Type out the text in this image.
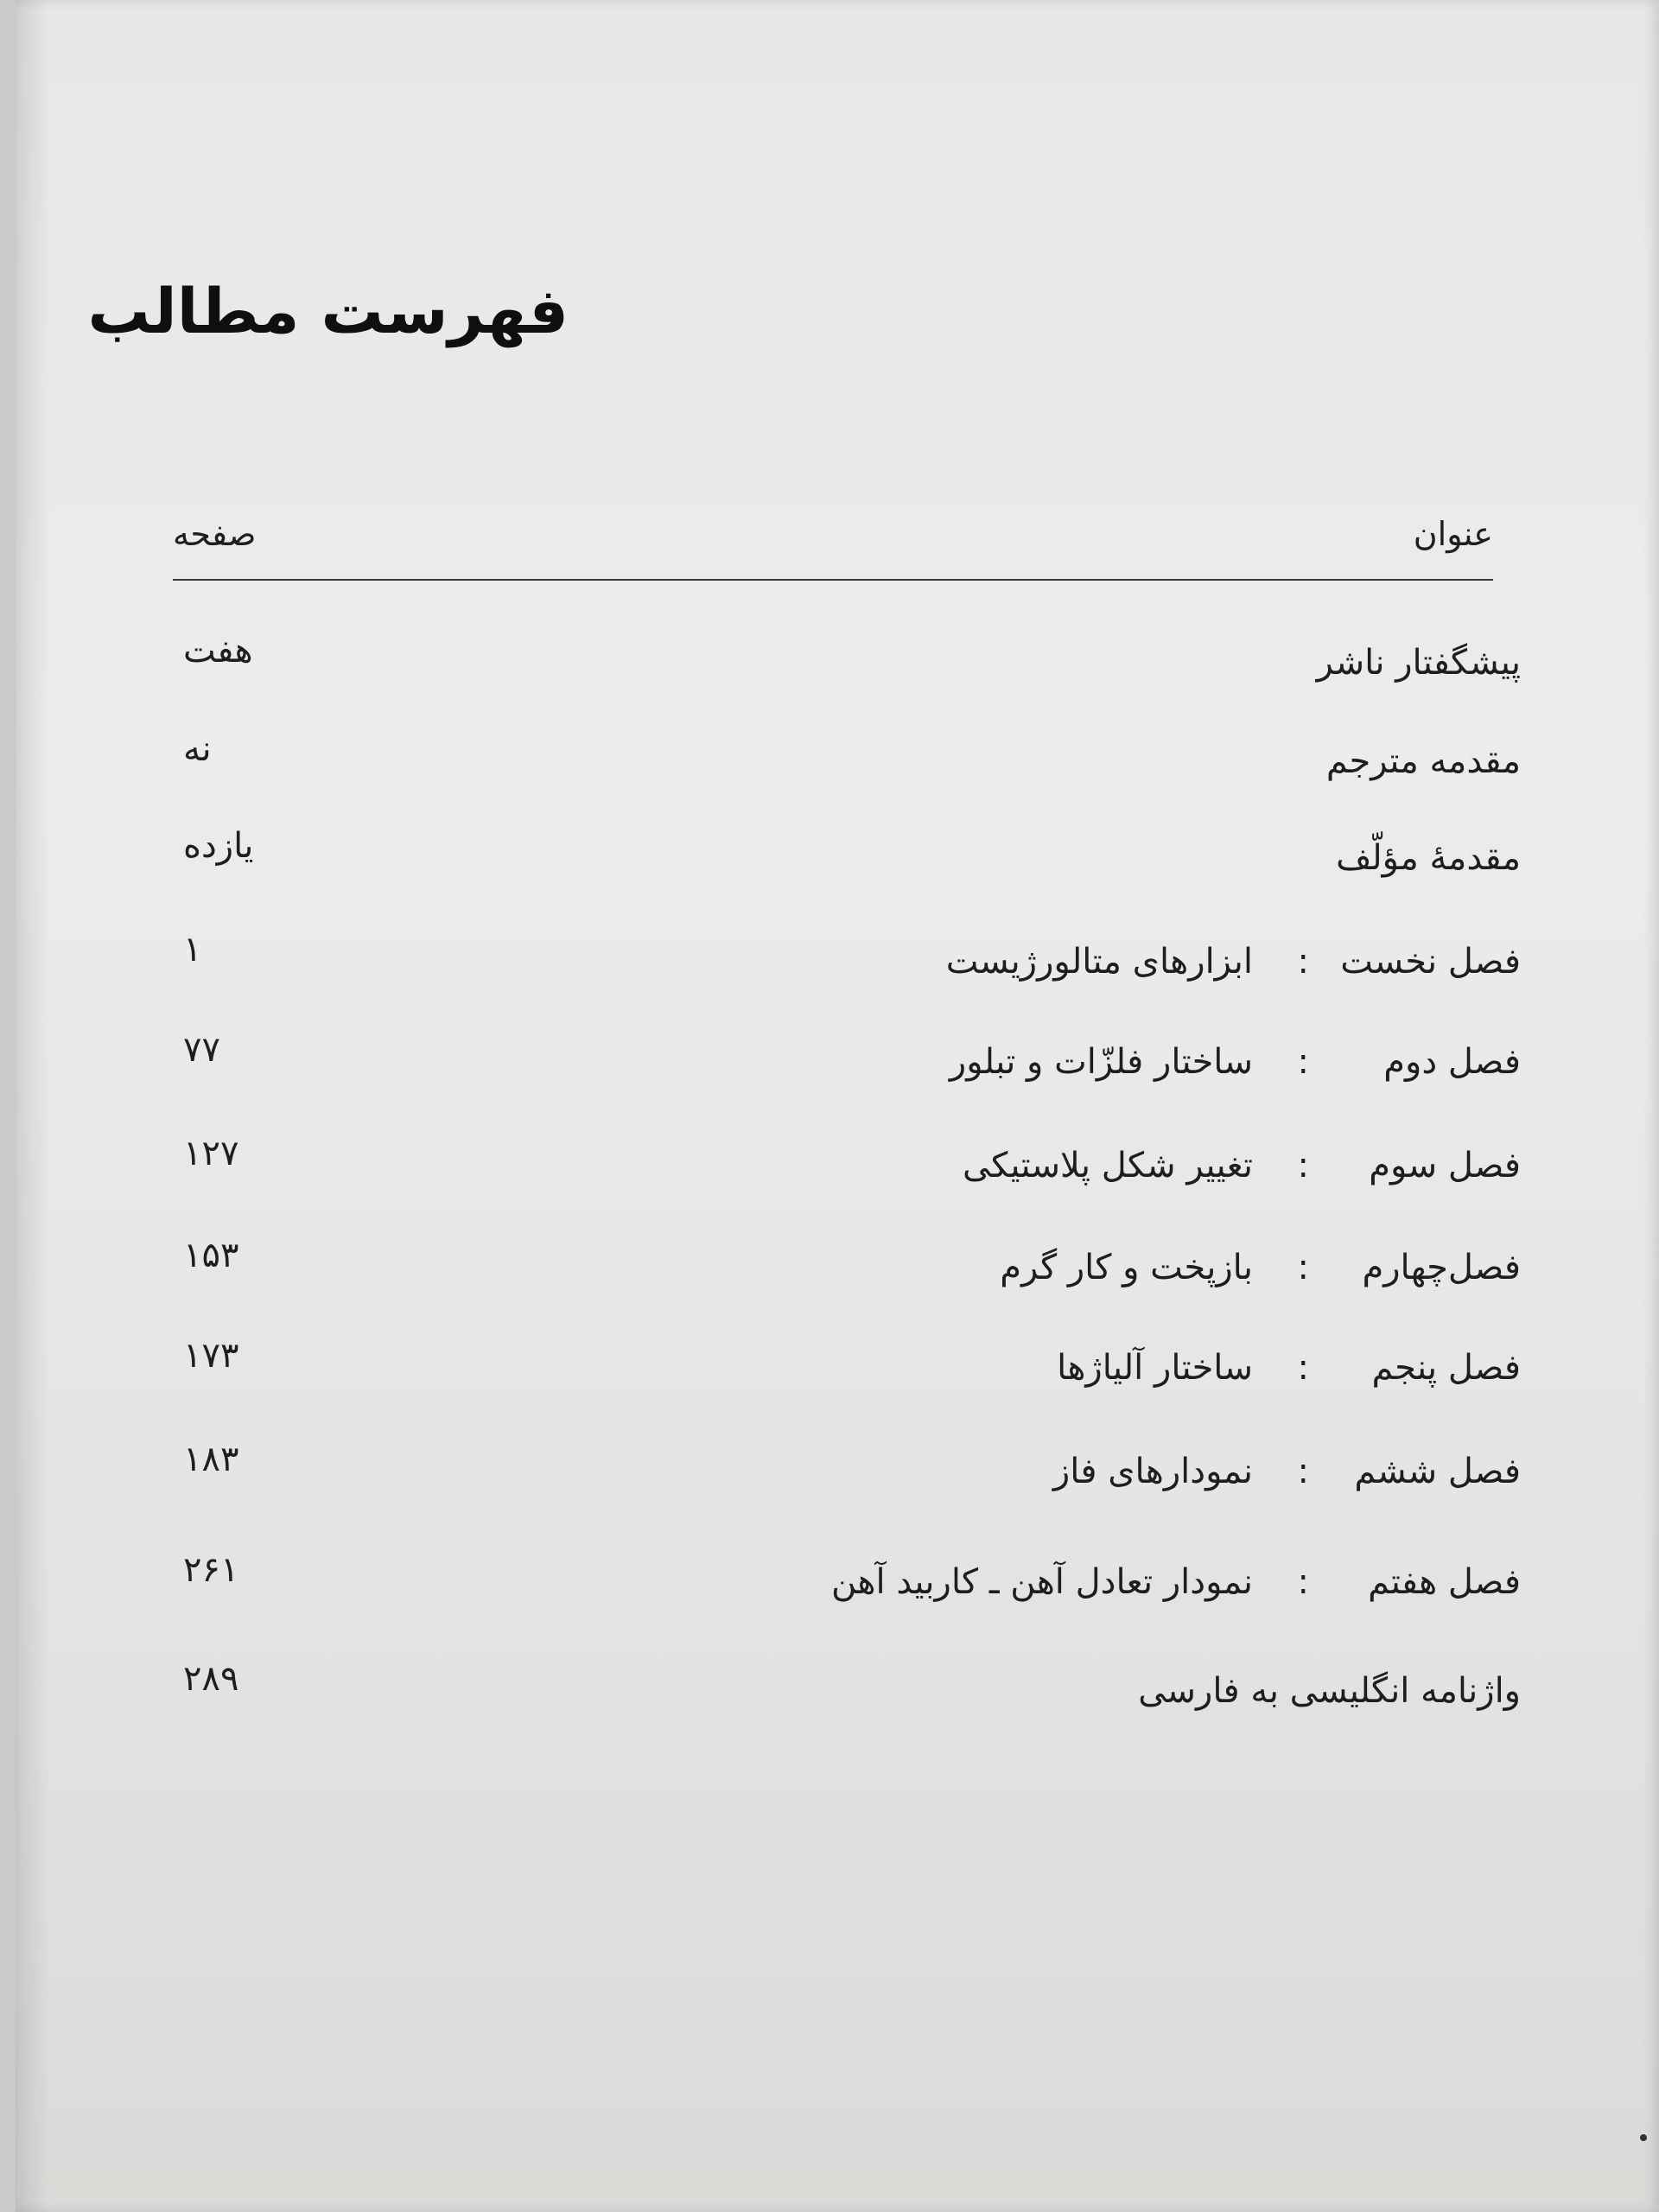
فهرست مطالب
عنوان
صفحه
پیشگفتار ناشر
هفت
مقدمه مترجم
نه
مقدمهٔ مؤلّف
یازده
فصل نخست
:
ابزارهای متالورژیست
۱
فصل دوم
:
ساختار فلزّات و تبلور
۷۷
فصل سوم
:
تغییر شکل پلاستیکی
۱۲۷
فصل‌چهارم
:
بازپخت و کار گرم
۱۵۳
فصل پنجم
:
ساختار آلیاژها
۱۷۳
فصل ششم
:
نمودارهای فاز
۱۸۳
فصل هفتم
:
نمودار تعادل آهن ـ کاربید آهن
۲۶۱
واژنامه انگلیسی به فارسی
۲۸۹
